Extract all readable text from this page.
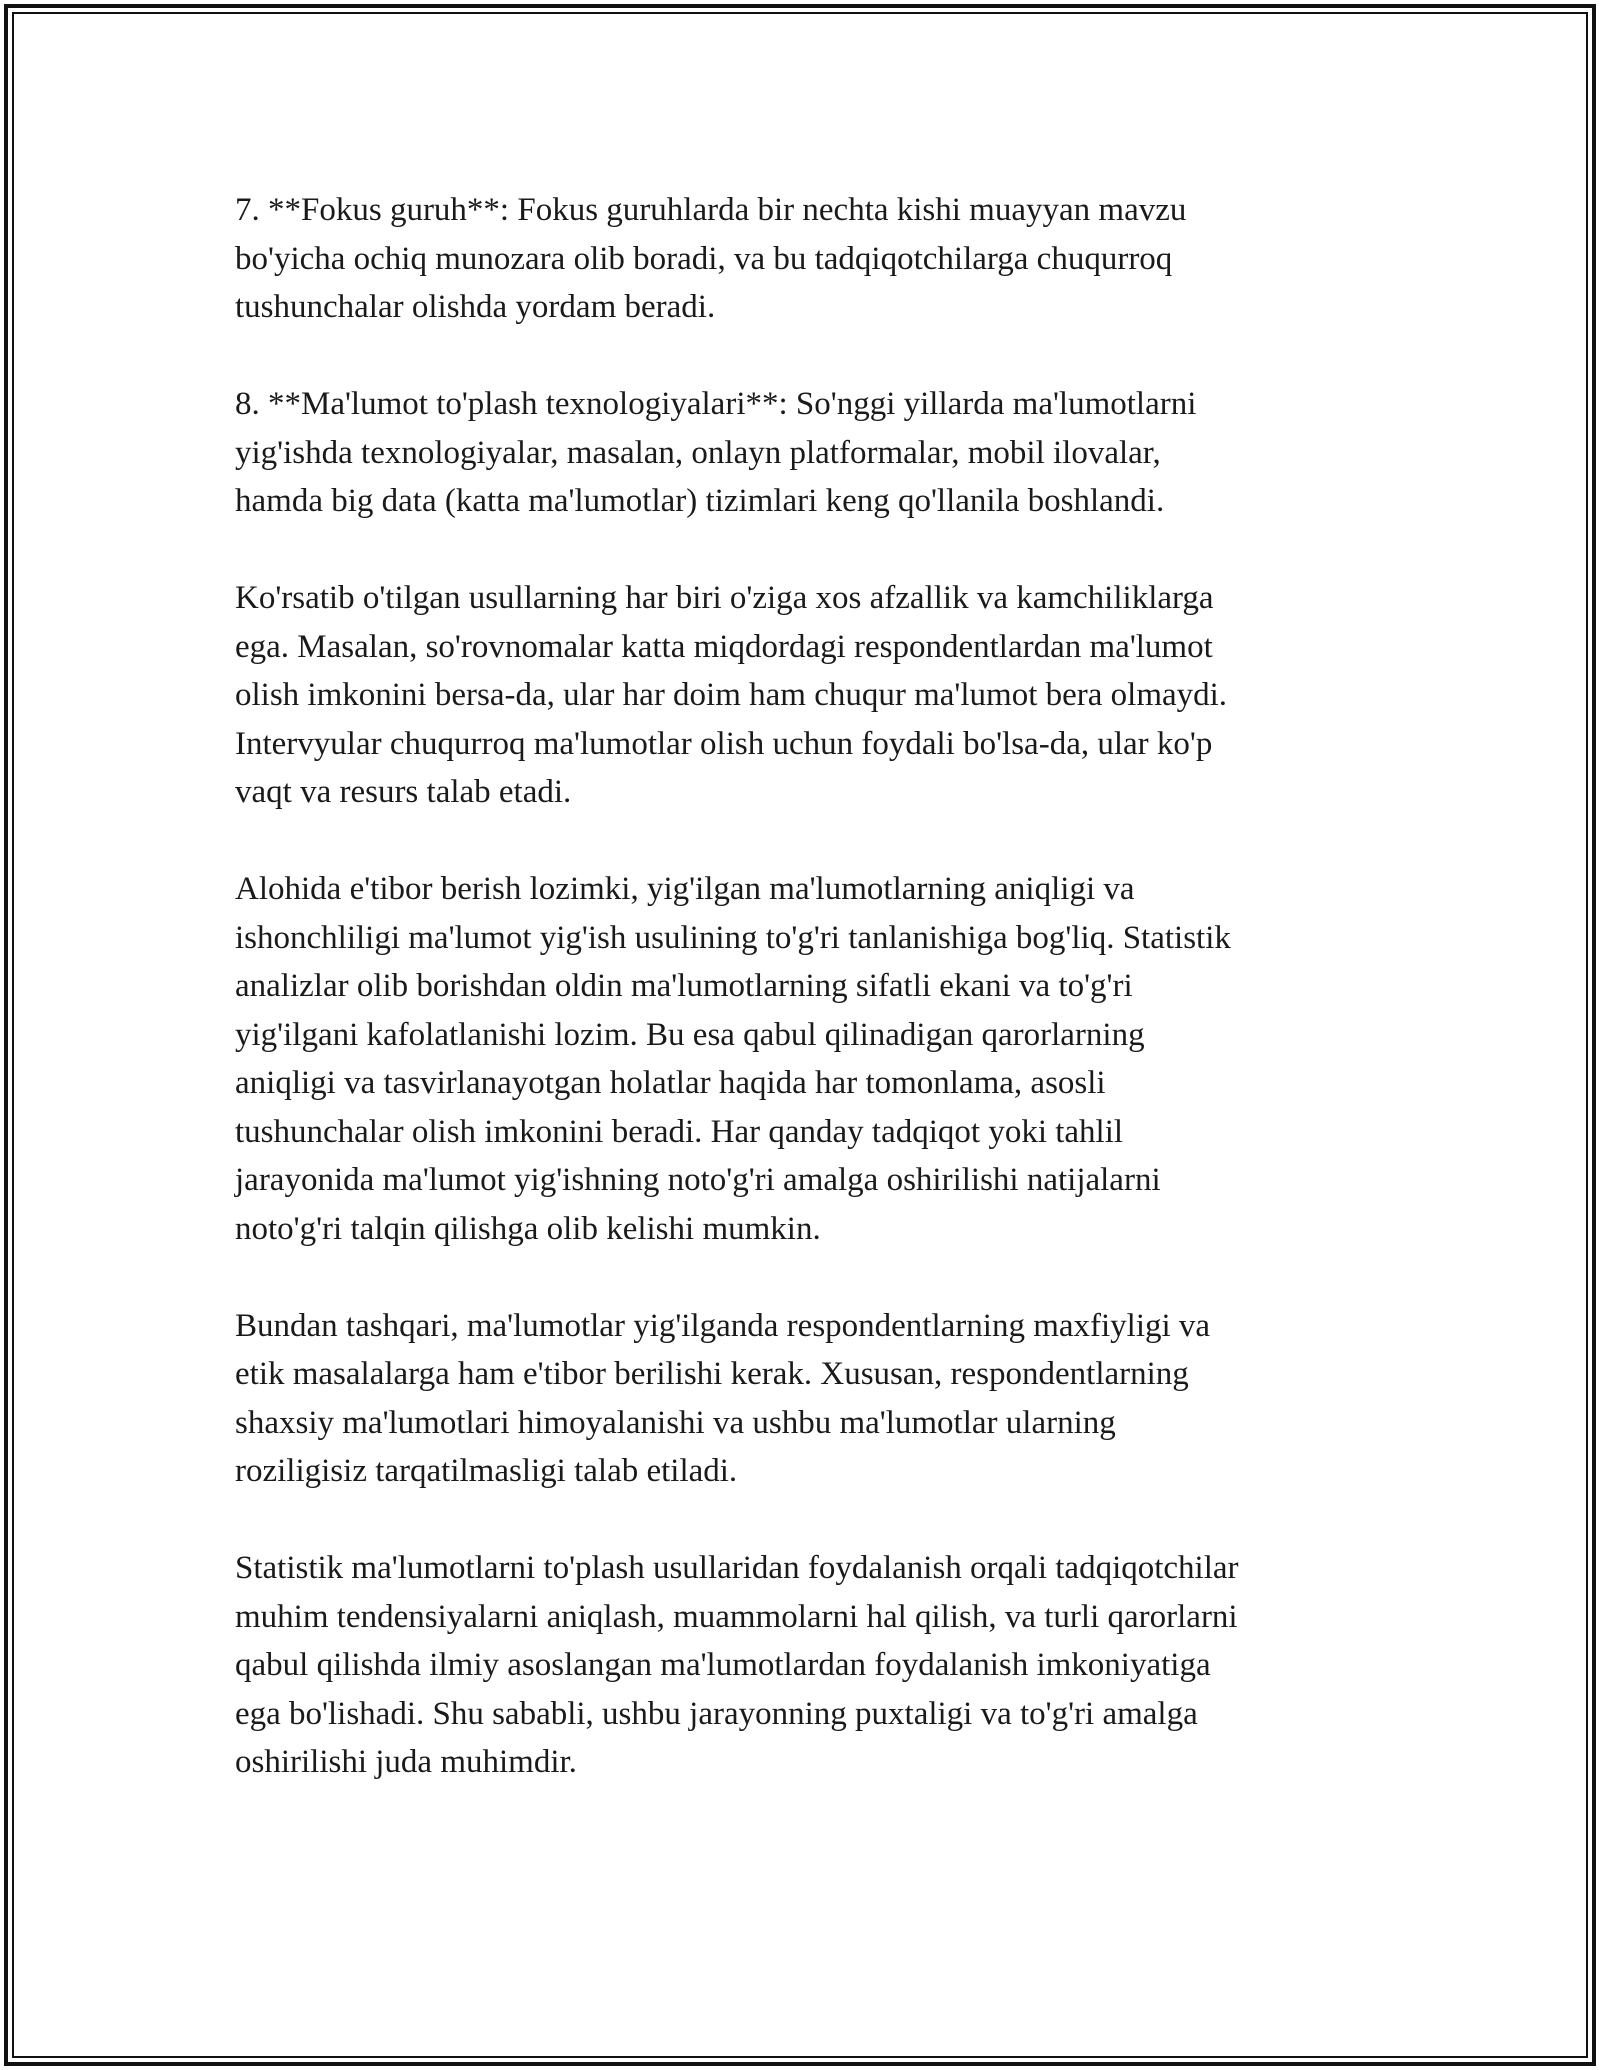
7. **Fokus guruh**: Fokus guruhlarda bir nechta kishi muayyan mavzu
bo'yicha ochiq munozara olib boradi, va bu tadqiqotchilarga chuqurroq
tushunchalar olishda yordam beradi.

8. **Ma'lumot to'plash texnologiyalari**: So'nggi yillarda ma'lumotlarni
yig'ishda texnologiyalar, masalan, onlayn platformalar, mobil ilovalar,
hamda big data (katta ma'lumotlar) tizimlari keng qo'llanila boshlandi.

Ko'rsatib o'tilgan usullarning har biri o'ziga xos afzallik va kamchiliklarga
ega. Masalan, so'rovnomalar katta miqdordagi respondentlardan ma'lumot
olish imkonini bersa-da, ular har doim ham chuqur ma'lumot bera olmaydi.
Intervyular chuqurroq ma'lumotlar olish uchun foydali bo'lsa-da, ular ko'p
vaqt va resurs talab etadi.

Alohida e'tibor berish lozimki, yig'ilgan ma'lumotlarning aniqligi va
ishonchliligi ma'lumot yig'ish usulining to'g'ri tanlanishiga bog'liq. Statistik
analizlar olib borishdan oldin ma'lumotlarning sifatli ekani va to'g'ri
yig'ilgani kafolatlanishi lozim. Bu esa qabul qilinadigan qarorlarning
aniqligi va tasvirlanayotgan holatlar haqida har tomonlama, asosli
tushunchalar olish imkonini beradi. Har qanday tadqiqot yoki tahlil
jarayonida ma'lumot yig'ishning noto'g'ri amalga oshirilishi natijalarni
noto'g'ri talqin qilishga olib kelishi mumkin.

Bundan tashqari, ma'lumotlar yig'ilganda respondentlarning maxfiyligi va
etik masalalarga ham e'tibor berilishi kerak. Xususan, respondentlarning
shaxsiy ma'lumotlari himoyalanishi va ushbu ma'lumotlar ularning
roziligisiz tarqatilmasligi talab etiladi.

Statistik ma'lumotlarni to'plash usullaridan foydalanish orqali tadqiqotchilar
muhim tendensiyalarni aniqlash, muammolarni hal qilish, va turli qarorlarni
qabul qilishda ilmiy asoslangan ma'lumotlardan foydalanish imkoniyatiga
ega bo'lishadi. Shu sababli, ushbu jarayonning puxtaligi va to'g'ri amalga
oshirilishi juda muhimdir.
